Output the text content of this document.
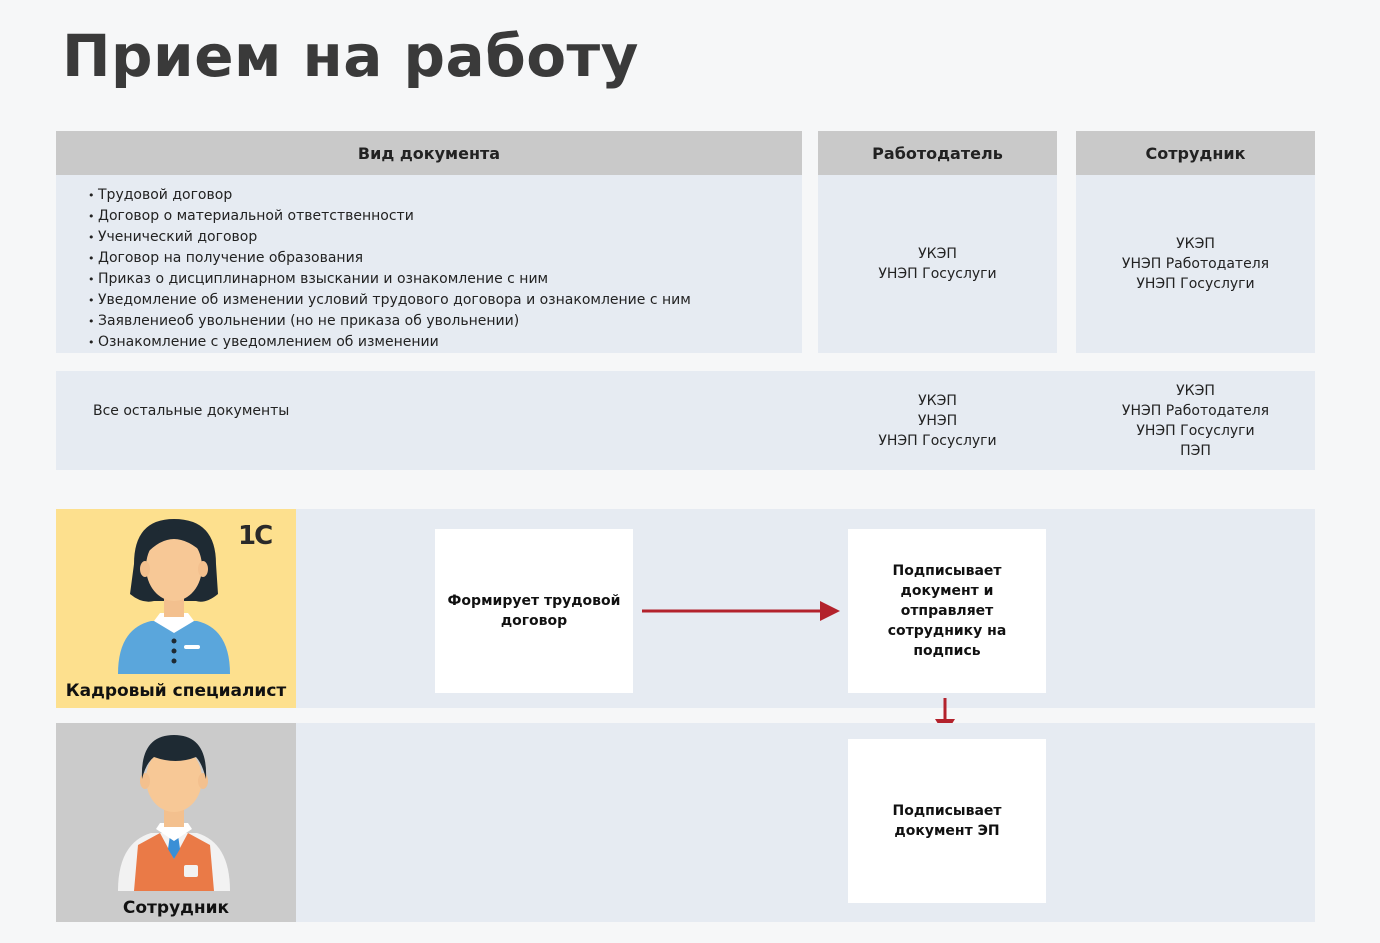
Прием на работу
Вид документа	Работодатель	Сотрудник
• Трудовой договор
• Договор о материальной ответственности
• Ученический договор
• Договор на получение образования
• Приказ о дисциплинарном взыскании и ознакомление с ним
• Уведомление об изменении условий трудового договора и ознакомление с ним
• Заявлениеоб увольнении (но не приказа об увольнении)
• Ознакомление с уведомлением об изменении
УКЭП
УНЭП Госуслуги
УКЭП
УНЭП Работодателя
УНЭП Госуслуги
Все остальные документы
УКЭП
УНЭП
УНЭП Госуслуги
УКЭП
УНЭП Работодателя
УНЭП Госуслуги
ПЭП
1С
Кадровый специалист
Формирует трудовой договор
Подписывает документ и отправляет сотруднику на подпись
Сотрудник
Подписывает документ ЭП
